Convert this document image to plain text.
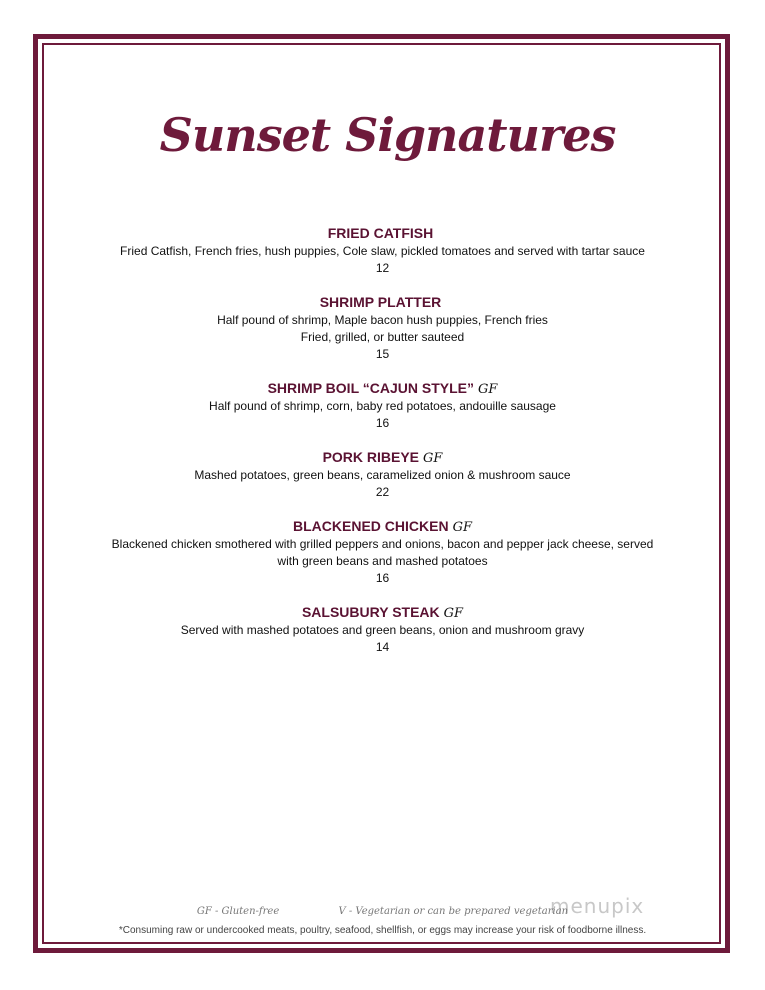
Sunset Signatures
FRIED CATFISH
Fried Catfish, French fries, hush puppies, Cole slaw, pickled tomatoes and served with tartar sauce
12
SHRIMP PLATTER
Half pound of shrimp, Maple bacon hush puppies, French fries
Fried, grilled, or butter sauteed
15
SHRIMP BOIL “CAJUN STYLE” GF
Half pound of shrimp, corn, baby red potatoes, andouille sausage
16
PORK RIBEYE GF
Mashed potatoes, green beans, caramelized onion & mushroom sauce
22
BLACKENED CHICKEN GF
Blackened chicken smothered with grilled peppers and onions, bacon and pepper jack cheese, served
with green beans and mashed potatoes
16
SALSUBURY STEAK GF
Served with mashed potatoes and green beans, onion and mushroom gravy
14
menupix
GF - Gluten-free	V - Vegetarian or can be prepared vegetarian
*Consuming raw or undercooked meats, poultry, seafood, shellfish, or eggs may increase your risk of foodborne illness.
